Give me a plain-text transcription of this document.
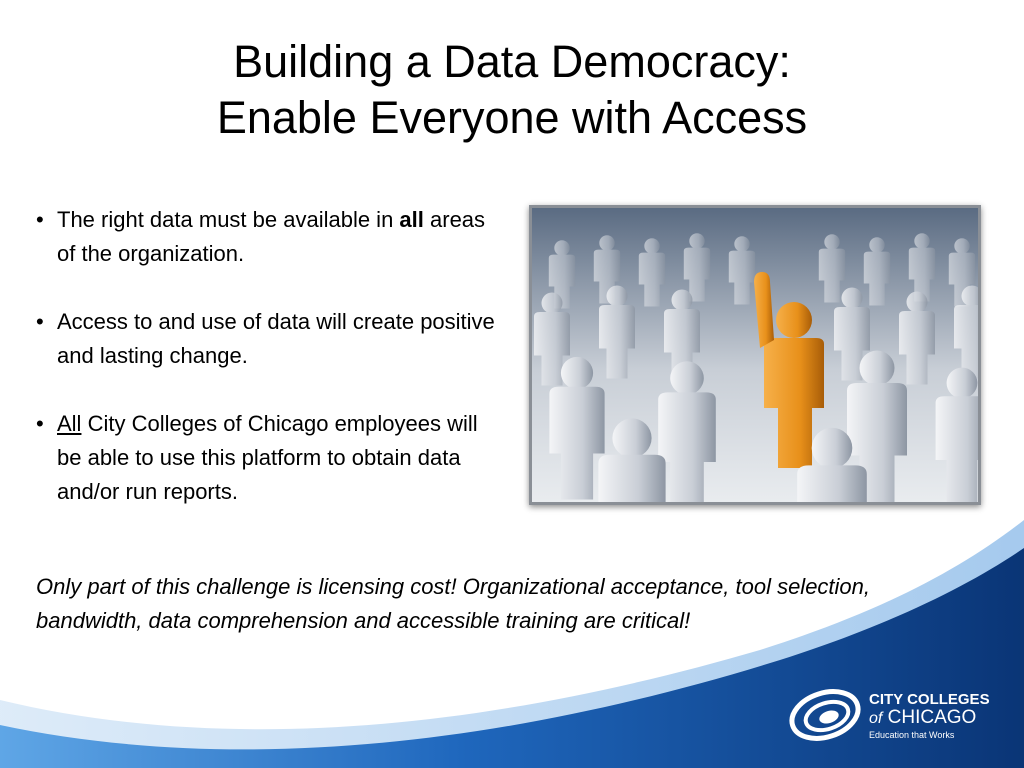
Building a Data Democracy:
Enable Everyone with Access
• The right data must be available in all areas of the organization.
• Access to and use of data will create positive and lasting change.
• All City Colleges of Chicago employees will be able to use this platform to obtain data and/or run reports.
Only part of this challenge is licensing cost! Organizational acceptance, tool selection, bandwidth, data comprehension and accessible training are critical!
CITY COLLEGES
of CHICAGO
Education that Works
